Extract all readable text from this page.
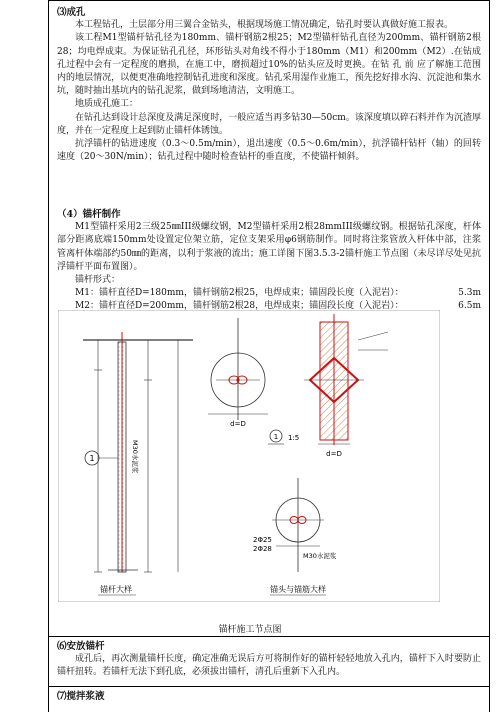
⑶成孔

本工程钻孔，土层部分用三翼合金钻头，根据现场施工情况确定，钻孔时要认真做好施工报表。

该工程M1型锚杆钻孔径为180mm、锚杆钢筋2根25；M2型锚杆钻孔直径为200mm、锚杆钢筋2根28；均电焊成束。为保证钻孔孔径，环形钻头对角线不得小于180mm（M1）和200mm（M2）.在钻成孔过程中会有一定程度的磨损，在施工中，磨损超过10%的钻头应及时更换。在钻 孔 前 应了解施工范围内的地层情况，以便更准确地控制钻孔进度和深度。钻孔采用湿作业施工，预先挖好排水沟、沉淀池和集水坑，随时抽出基坑内的钻孔泥浆，做到场地清洁，文明施工。

地质成孔施工：

在钻孔达到设计总深度及满足深度时，一般应适当再多钻30—50cm。该深度填以碎石料并作为沉渣厚度，并在一定程度上起到防止锚杆体锈蚀。

抗浮锚杆的钻进速度（0.3～0.5m/min），退出速度（0.5～0.6m/min），抗浮锚杆钻杆（轴）的回转速度（20～30N/min）；钻孔过程中随时检查钻杆的垂直度，不使锚杆倾斜。

（4）锚杆制作

M1型锚杆采用2三级25㎜III级螺纹钢，M2型锚杆采用2根28mmIII级螺纹钢。根据钻孔深度，杆体部分距离底端150mm处设置定位架立筋，定位支架采用φ6钢筋制作。同时将注浆管放入杆体中部，注浆管离杆体端部约50㎜的距离，以利于浆液的流出；施工详图下图3.5.3-2锚杆施工节点图（未尽详尽处见抗浮锚杆平面布置图）。

锚杆形式：

M1：锚杆直径D=180mm，锚杆钢筋2根25，电焊成束；锚固段长度（入泥岩）：	5.3m
M2：锚杆直径D=200mm，锚杆钢筋2根28，电焊成束；锚固段长度（入泥岩）：	6.5m
1	M30水泥浆
锚杆大样
d=D
d=D
1 1:5
M30水泥浆
2Φ25
2Φ28
锚头与锚筋大样
锚杆施工节点图
⑹安放锚杆

成孔后，再次测量锚杆长度，确定准确无误后方可将制作好的锚杆轻轻地放入孔内，锚杆下入时要防止锚杆扭转。若锚杆无法下到孔底，必须拔出锚杆，清孔后重新下入孔内。

⑺搅拌浆液
